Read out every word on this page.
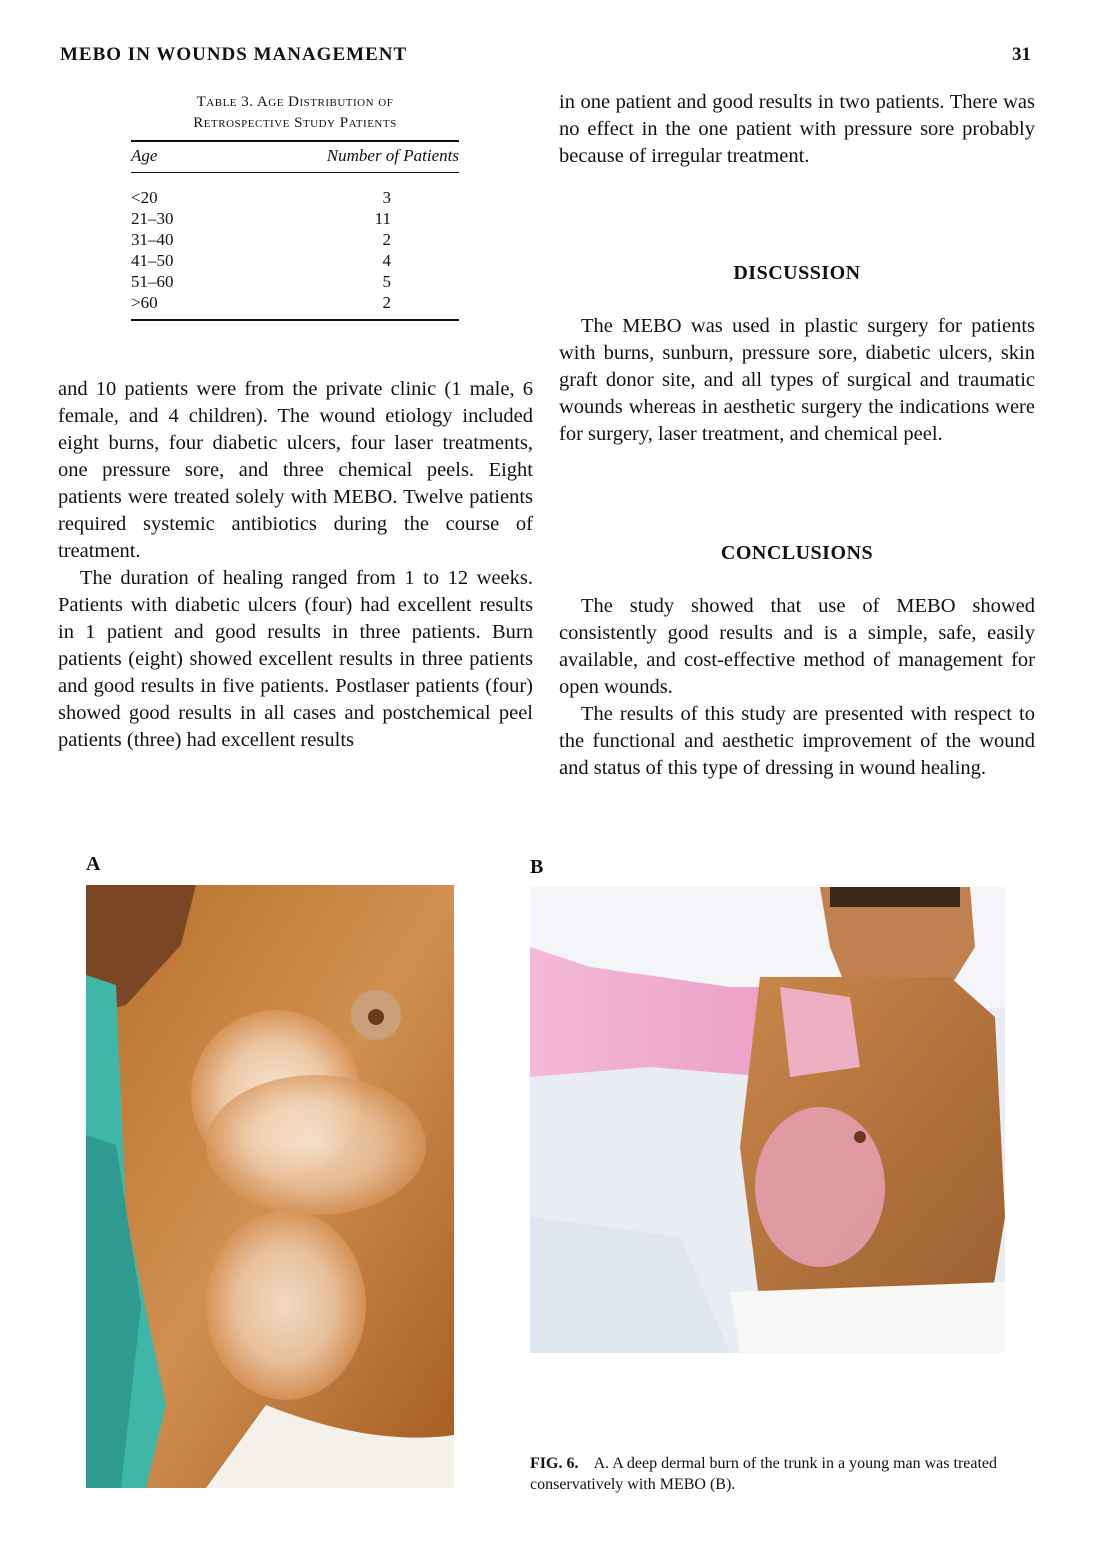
MEBO IN WOUNDS MANAGEMENT	31
Table 3. Age Distribution of
Retrospective Study Patients
Age	Number of Patients
<20	3
21–30	11
31–40	2
41–50	4
51–60	5
>60	2

and 10 patients were from the private clinic (1 male, 6 female, and 4 children). The wound etiology included eight burns, four diabetic ulcers, four laser treatments, one pressure sore, and three chemical peels. Eight patients were treated solely with MEBO. Twelve patients required systemic antibiotics during the course of treatment.

The duration of healing ranged from 1 to 12 weeks. Patients with diabetic ulcers (four) had excellent results in 1 patient and good results in three patients. Burn patients (eight) showed excellent results in three patients and good results in five patients. Postlaser patients (four) showed good results in all cases and postchemical peel patients (three) had excellent results

in one patient and good results in two patients. There was no effect in the one patient with pressure sore probably because of irregular treatment.

DISCUSSION

The MEBO was used in plastic surgery for patients with burns, sunburn, pressure sore, diabetic ulcers, skin graft donor site, and all types of surgical and traumatic wounds whereas in aesthetic surgery the indications were for surgery, laser treatment, and chemical peel.

CONCLUSIONS

The study showed that use of MEBO showed consistently good results and is a simple, safe, easily available, and cost-effective method of management for open wounds.

The results of this study are presented with respect to the functional and aesthetic improvement of the wound and status of this type of dressing in wound healing.

A	B
FIG. 6. A. A deep dermal burn of the trunk in a young man was treated conservatively with MEBO (B).
